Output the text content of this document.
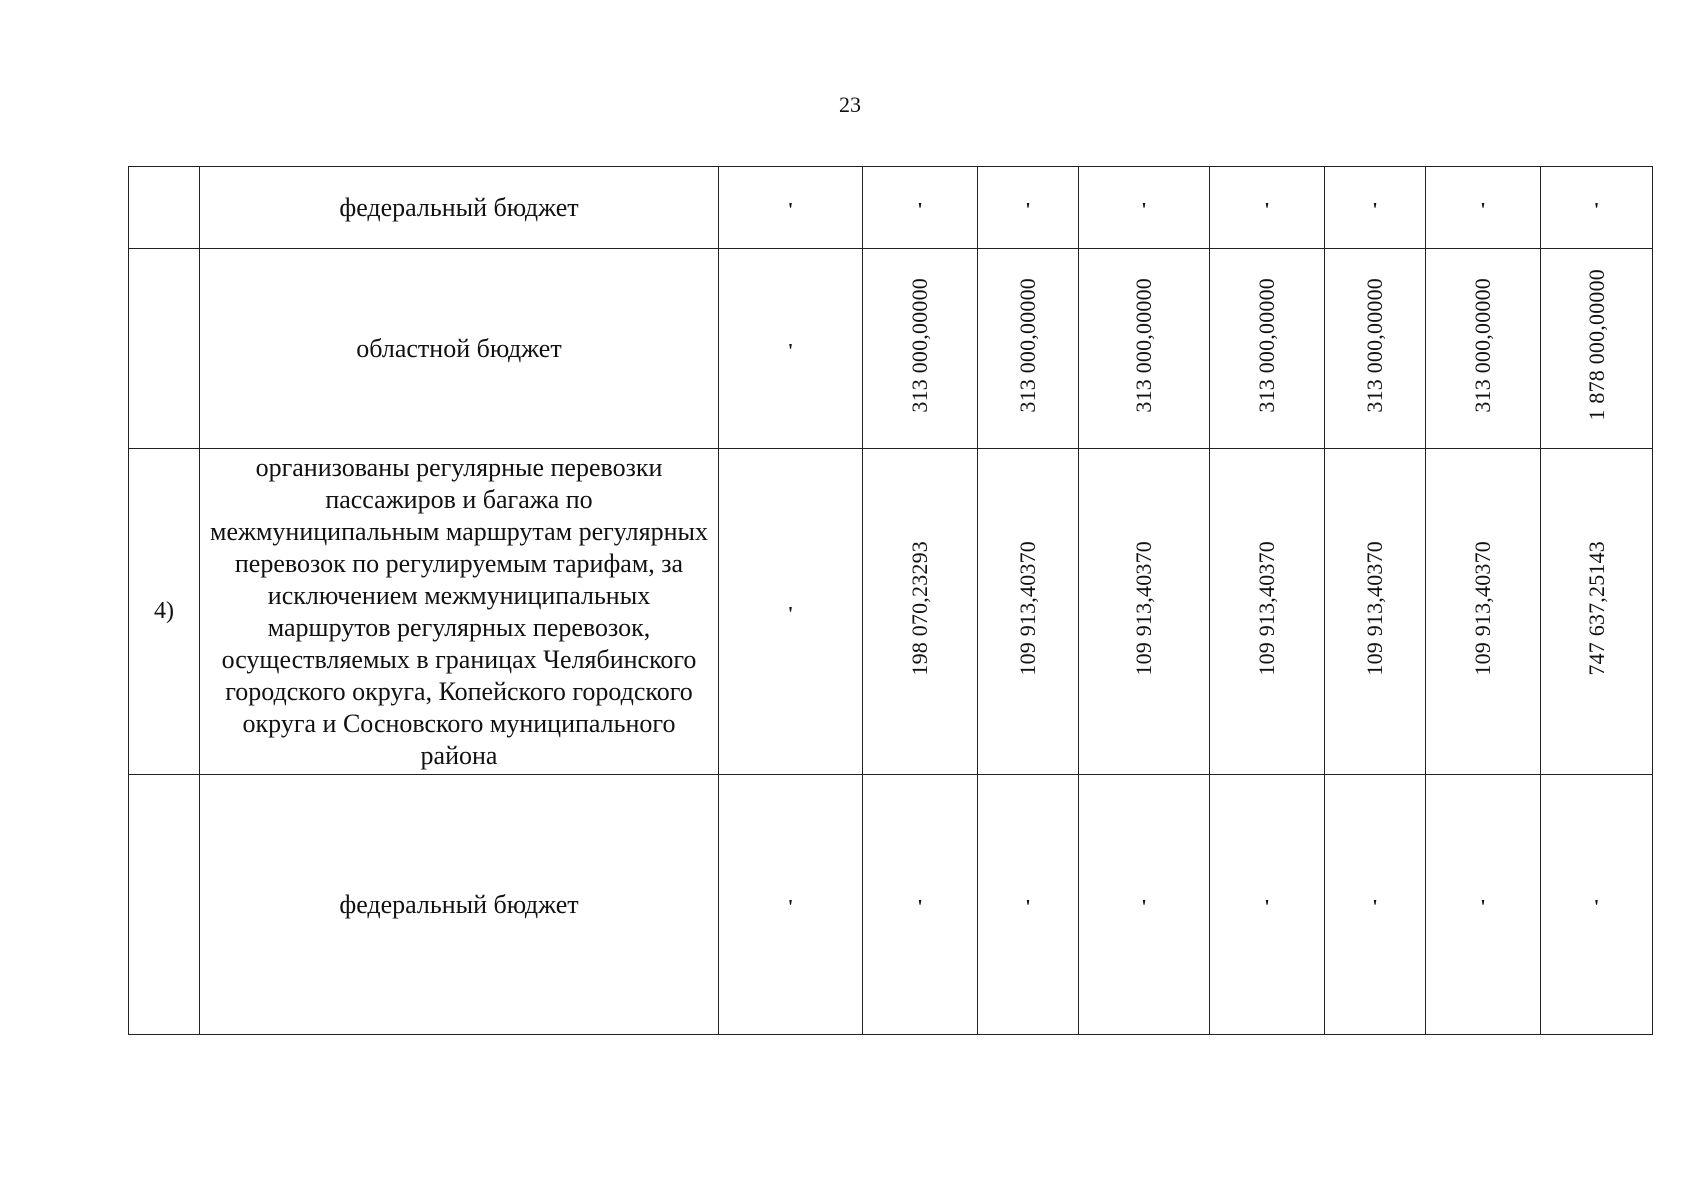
23
	федеральный бюджет	'	'	'	'	'	'	'	'
	областной бюджет	'	313 000,00000	313 000,00000	313 000,00000	313 000,00000	313 000,00000	313 000,00000	1 878 000,00000
4)	организованы регулярные перевозки пассажиров и багажа по межмуниципальным маршрутам регулярных перевозок по регулируемым тарифам, за исключением межмуниципальных маршрутов регулярных перевозок, осуществляемых в границах Челябинского городского округа, Копейского городского округа и Сосновского муниципального района	'	198 070,23293	109 913,40370	109 913,40370	109 913,40370	109 913,40370	109 913,40370	747 637,25143
	федеральный бюджет	'	'	'	'	'	'	'	'
